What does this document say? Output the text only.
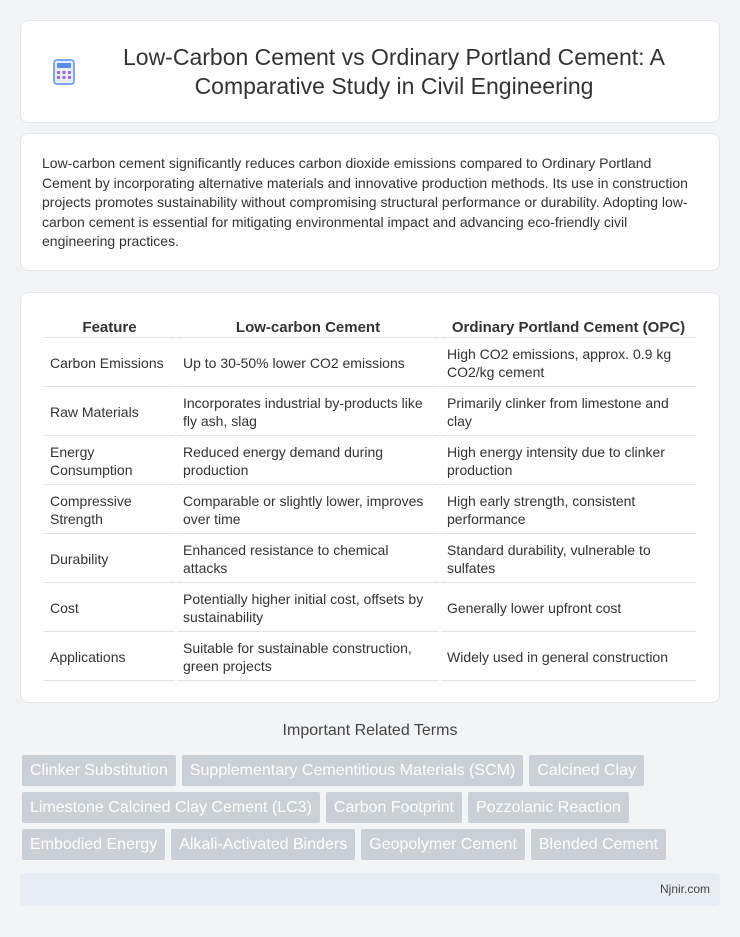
Low-Carbon Cement vs Ordinary Portland Cement: A Comparative Study in Civil Engineering

Low-carbon cement significantly reduces carbon dioxide emissions compared to Ordinary Portland Cement by incorporating alternative materials and innovative production methods. Its use in construction projects promotes sustainability without compromising structural performance or durability. Adopting low-carbon cement is essential for mitigating environmental impact and advancing eco-friendly civil engineering practices.

Feature	Low-carbon Cement	Ordinary Portland Cement (OPC)
Carbon Emissions	Up to 30-50% lower CO2 emissions	High CO2 emissions, approx. 0.9 kg CO2/kg cement
Raw Materials	Incorporates industrial by-products like fly ash, slag	Primarily clinker from limestone and clay
Energy Consumption	Reduced energy demand during production	High energy intensity due to clinker production
Compressive Strength	Comparable or slightly lower, improves over time	High early strength, consistent performance
Durability	Enhanced resistance to chemical attacks	Standard durability, vulnerable to sulfates
Cost	Potentially higher initial cost, offsets by sustainability	Generally lower upfront cost
Applications	Suitable for sustainable construction, green projects	Widely used in general construction
Important Related Terms
Clinker Substitution	Supplementary Cementitious Materials (SCM)	Calcined Clay
Limestone Calcined Clay Cement (LC3)	Carbon Footprint	Pozzolanic Reaction
Embodied Energy	Alkali-Activated Binders	Geopolymer Cement	Blended Cement
Njnir.com
